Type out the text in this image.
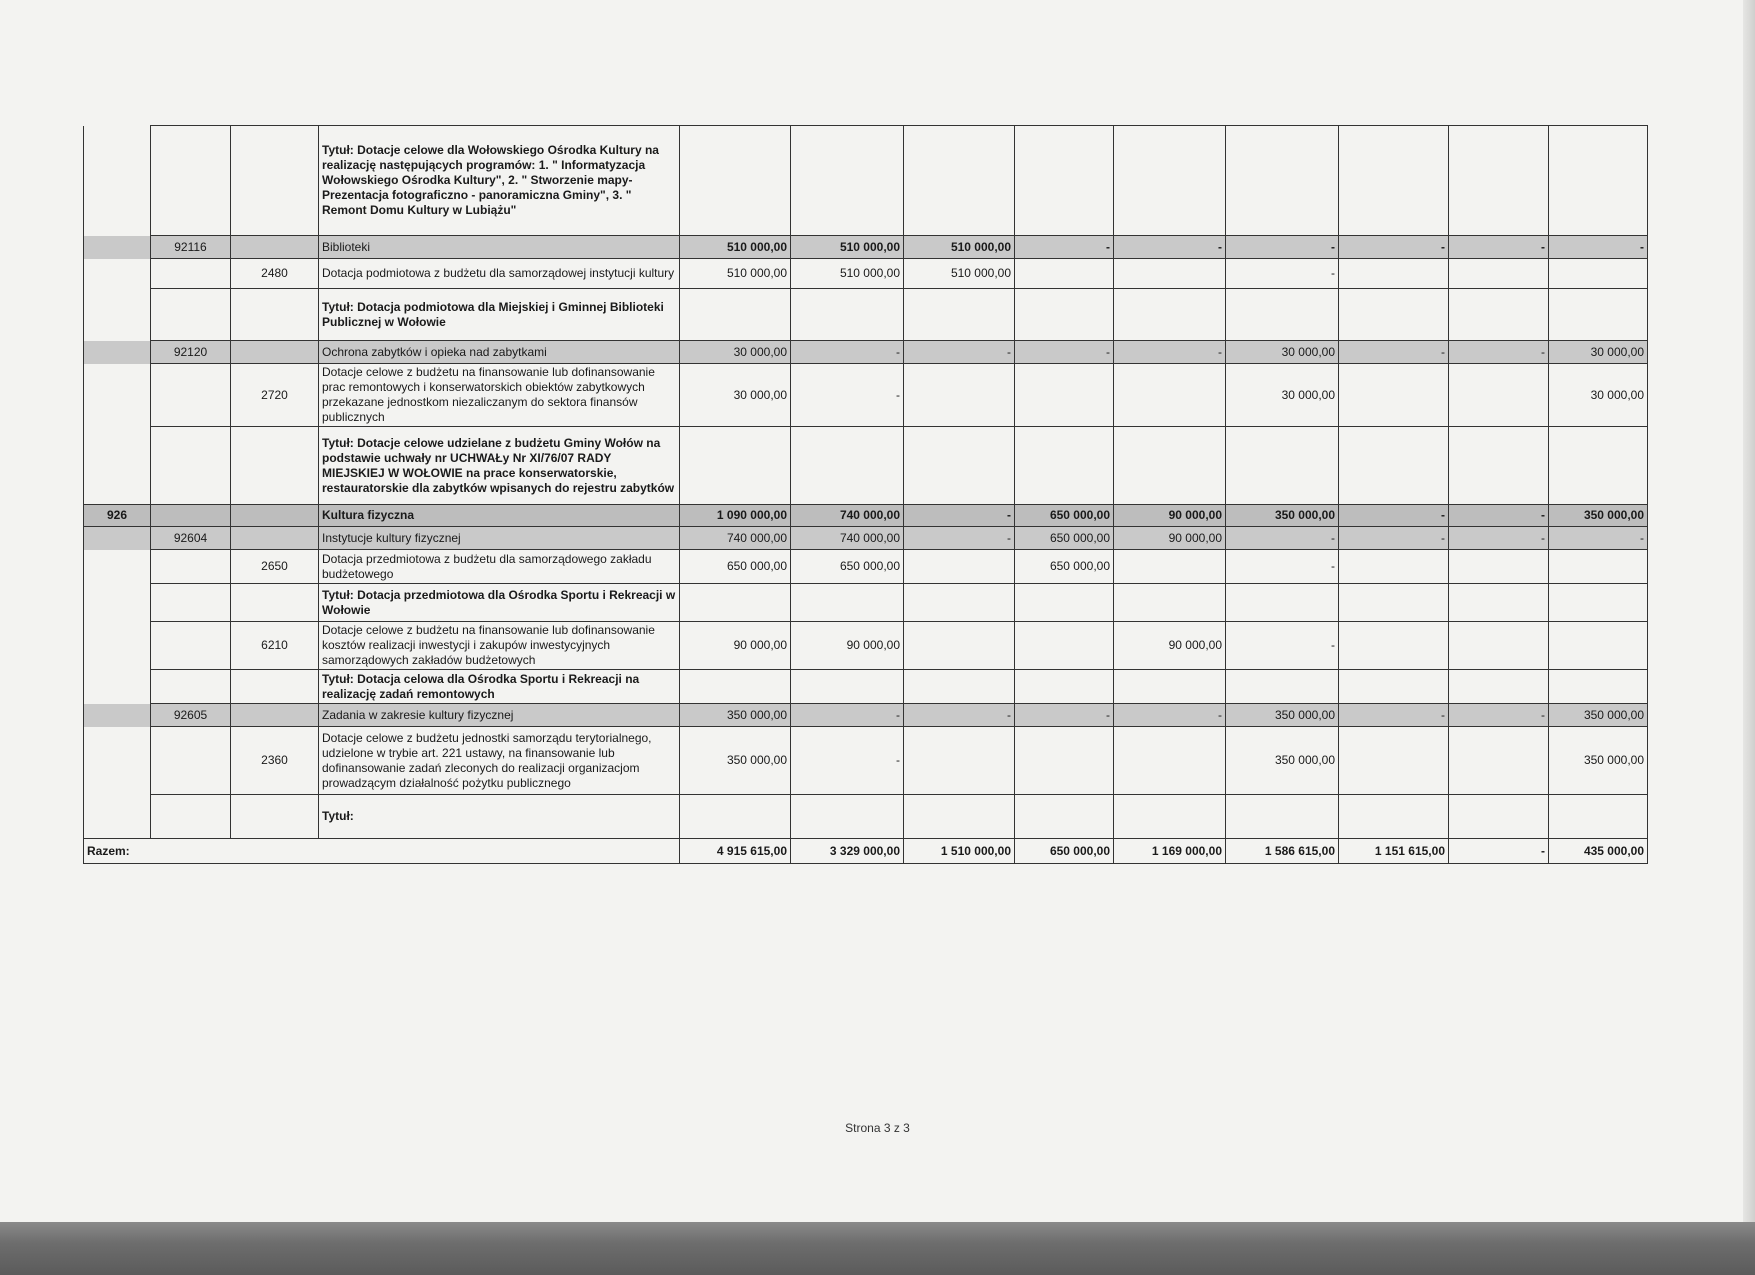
			Tytuł: Dotacje celowe dla Wołowskiego Ośrodka Kultury na realizację następujących programów: 1. " Informatyzacja Wołowskiego Ośrodka Kultury", 2. " Stworzenie mapy- Prezentacja fotograficzno - panoramiczna Gminy", 3. " Remont Domu Kultury w Lubiążu"									
	92116		Biblioteki	510 000,00	510 000,00	510 000,00	-	-	-	-	-	-
		2480	Dotacja podmiotowa z budżetu dla samorządowej instytucji kultury	510 000,00	510 000,00	510 000,00			-			
			Tytuł: Dotacja podmiotowa dla Miejskiej i Gminnej Biblioteki Publicznej w Wołowie									
	92120		Ochrona zabytków i opieka nad zabytkami	30 000,00	-	-	-	-	30 000,00	-	-	30 000,00
		2720	Dotacje celowe z budżetu na finansowanie lub dofinansowanie prac remontowych i konserwatorskich obiektów zabytkowych przekazane jednostkom niezaliczanym do sektora finansów publicznych	30 000,00	-				30 000,00			30 000,00
			Tytuł: Dotacje celowe udzielane z budżetu Gminy Wołów na podstawie uchwały nr UCHWAŁy Nr XI/76/07 RADY MIEJSKIEJ W WOŁOWIE na prace konserwatorskie, restauratorskie dla zabytków wpisanych do rejestru zabytków									
926			Kultura fizyczna	1 090 000,00	740 000,00	-	650 000,00	90 000,00	350 000,00	-	-	350 000,00
	92604		Instytucje kultury fizycznej	740 000,00	740 000,00	-	650 000,00	90 000,00	-	-	-	-
		2650	Dotacja przedmiotowa z budżetu dla samorządowego zakładu budżetowego	650 000,00	650 000,00		650 000,00		-			
			Tytuł: Dotacja przedmiotowa dla Ośrodka Sportu i Rekreacji w Wołowie									
		6210	Dotacje celowe z budżetu na finansowanie lub dofinansowanie kosztów realizacji inwestycji i zakupów inwestycyjnych samorządowych zakładów budżetowych	90 000,00	90 000,00			90 000,00	-			
			Tytuł: Dotacja celowa dla Ośrodka Sportu i Rekreacji na realizację zadań remontowych									
	92605		Zadania w zakresie kultury fizycznej	350 000,00	-	-	-	-	350 000,00	-	-	350 000,00
		2360	Dotacje celowe z budżetu jednostki samorządu terytorialnego, udzielone w trybie art. 221 ustawy, na finansowanie lub dofinansowanie zadań zleconych do realizacji organizacjom prowadzącym działalność pożytku publicznego	350 000,00	-				350 000,00			350 000,00
			Tytuł:									
Razem:				4 915 615,00	3 329 000,00	1 510 000,00	650 000,00	1 169 000,00	1 586 615,00	1 151 615,00	-	435 000,00
Strona 3 z 3
